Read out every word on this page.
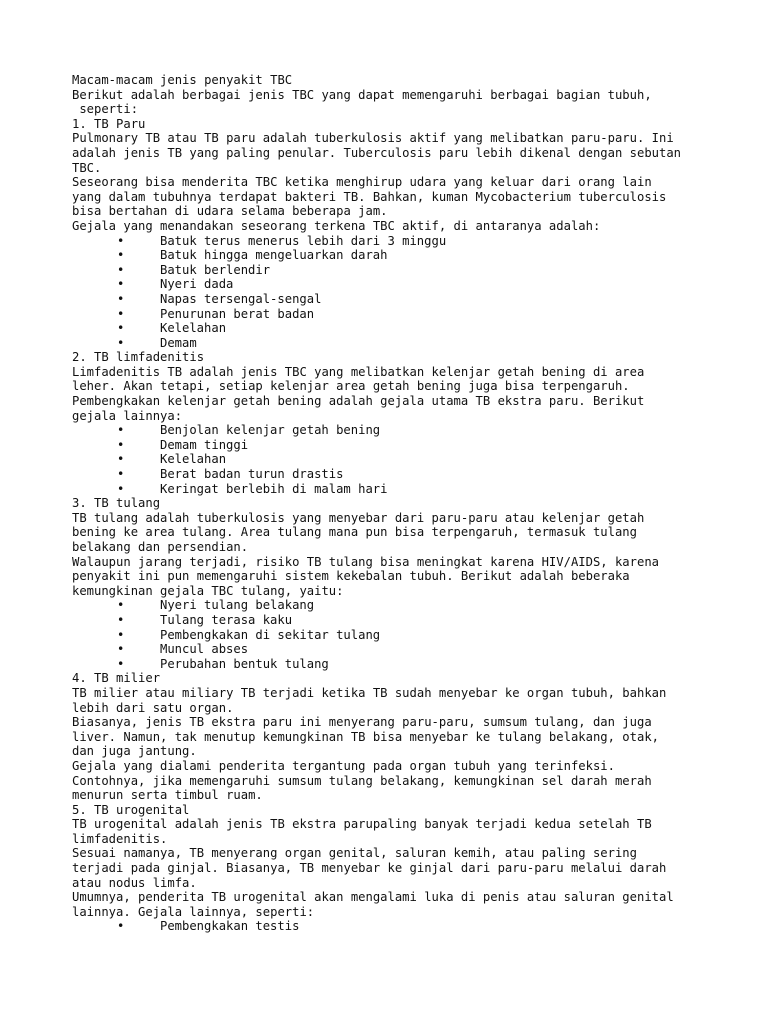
Macam-macam jenis penyakit TBC
Berikut adalah berbagai jenis TBC yang dapat memengaruhi berbagai bagian tubuh,
seperti:
1. TB Paru
Pulmonary TB atau TB paru adalah tuberkulosis aktif yang melibatkan paru-paru. Ini
adalah jenis TB yang paling penular. Tuberculosis paru lebih dikenal dengan sebutan
TBC.
Seseorang bisa menderita TBC ketika menghirup udara yang keluar dari orang lain
yang dalam tubuhnya terdapat bakteri TB. Bahkan, kuman Mycobacterium tuberculosis
bisa bertahan di udara selama beberapa jam.
Gejala yang menandakan seseorang terkena TBC aktif, di antaranya adalah:
•	Batuk terus menerus lebih dari 3 minggu
•	Batuk hingga mengeluarkan darah
•	Batuk berlendir
•	Nyeri dada
•	Napas tersengal-sengal
•	Penurunan berat badan
•	Kelelahan
•	Demam
2. TB limfadenitis
Limfadenitis TB adalah jenis TBC yang melibatkan kelenjar getah bening di area
leher. Akan tetapi, setiap kelenjar area getah bening juga bisa terpengaruh.
Pembengkakan kelenjar getah bening adalah gejala utama TB ekstra paru. Berikut
gejala lainnya:
•	Benjolan kelenjar getah bening
•	Demam tinggi
•	Kelelahan
•	Berat badan turun drastis
•	Keringat berlebih di malam hari
3. TB tulang
TB tulang adalah tuberkulosis yang menyebar dari paru-paru atau kelenjar getah
bening ke area tulang. Area tulang mana pun bisa terpengaruh, termasuk tulang
belakang dan persendian.
Walaupun jarang terjadi, risiko TB tulang bisa meningkat karena HIV/AIDS, karena
penyakit ini pun memengaruhi sistem kekebalan tubuh. Berikut adalah beberaka
kemungkinan gejala TBC tulang, yaitu:
•	Nyeri tulang belakang
•	Tulang terasa kaku
•	Pembengkakan di sekitar tulang
•	Muncul abses
•	Perubahan bentuk tulang
4. TB milier
TB milier atau miliary TB terjadi ketika TB sudah menyebar ke organ tubuh, bahkan
lebih dari satu organ.
Biasanya, jenis TB ekstra paru ini menyerang paru-paru, sumsum tulang, dan juga
liver. Namun, tak menutup kemungkinan TB bisa menyebar ke tulang belakang, otak,
dan juga jantung.
Gejala yang dialami penderita tergantung pada organ tubuh yang terinfeksi.
Contohnya, jika memengaruhi sumsum tulang belakang, kemungkinan sel darah merah
menurun serta timbul ruam.
5. TB urogenital
TB urogenital adalah jenis TB ekstra parupaling banyak terjadi kedua setelah TB
limfadenitis.
Sesuai namanya, TB menyerang organ genital, saluran kemih, atau paling sering
terjadi pada ginjal. Biasanya, TB menyebar ke ginjal dari paru-paru melalui darah
atau nodus limfa.
Umumnya, penderita TB urogenital akan mengalami luka di penis atau saluran genital
lainnya. Gejala lainnya, seperti:
•	Pembengkakan testis
